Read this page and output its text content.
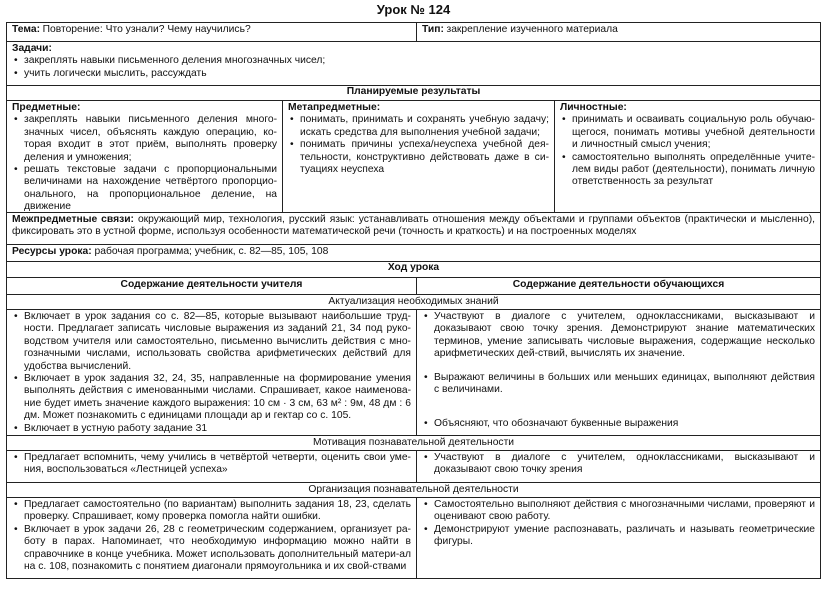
Урок № 124
Тема: Повторение: Что узнали? Чему научились?	Тип: закрепление изученного материала
Задачи:
• закреплять навыки письменного деления многозначных чисел;
• учить логически мыслить, рассуждать
Планируемые результаты
Предметные:
• закреплять навыки письменного деления много-значных чисел, объяснять каждую операцию, ко-торая входит в этот приём, выполнять проверку деления и умножения;
• решать текстовые задачи с пропорциональными величинами на нахождение четвёртого пропорцио-онального, на пропорциональное деление, на движение
Метапредметные:
• понимать, принимать и сохранять учебную задачу; искать средства для выполнения учебной задачи;
• понимать причины успеха/неуспеха учебной дея-тельности, конструктивно действовать даже в си-туациях неуспеха
Личностные:
• принимать и осваивать социальную роль обучаю-щегося, понимать мотивы учебной деятельности и личностный смысл учения;
• самостоятельно выполнять определённые учите-лем виды работ (деятельности), понимать личную ответственность за результат
Межпредметные связи: окружающий мир, технология, русский язык: устанавливать отношения между объектами и группами объектов (практически и мысленно), фиксировать это в устной форме, используя особенности математической речи (точность и краткость) и на построенных моделях
Ресурсы урока: рабочая программа; учебник, с. 82—85, 105, 108
Ход урока
Содержание деятельности учителя	Содержание деятельности обучающихся
Актуализация необходимых знаний
• Включает в урок задания со с. 82—85, которые вызывают наибольшие труд-ности. Предлагает записать числовые выражения из заданий 21, 34 под руко-водством учителя или самостоятельно, письменно вычислить действия с мно-гозначными числами, использовать свойства арифметических действий для удобства вычислений.
• Включает в урок задания 32, 24, 35, направленные на формирование умения выполнять действия с именованными числами. Спрашивает, какое наименова-ние будет иметь значение каждого выражения: 10 см · 3 см, 63 м² : 9м, 48 дм : 6 дм. Может познакомить с единицами площади ар и гектар со с. 105.
• Включает в устную работу задание 31
• Участвуют в диалоге с учителем, одноклассниками, высказывают и доказывают свою точку зрения. Демонстрируют знание математических терминов, умение записывать числовые выражения, содержащие несколько арифметических дей-ствий, вычислять их значение.
• Выражают величины в больших или меньших единицах, выполняют действия с величинами.
• Объясняют, что обозначают буквенные выражения
Мотивация познавательной деятельности
• Предлагает вспомнить, чему учились в четвёртой четверти, оценить свои уме-ния, воспользоваться «Лестницей успеха»
• Участвуют в диалоге с учителем, одноклассниками, высказывают и доказывают свою точку зрения
Организация познавательной деятельности
• Предлагает самостоятельно (по вариантам) выполнить задания 18, 23, сделать проверку. Спрашивает, кому проверка помогла найти ошибки.
• Включает в урок задачи 26, 28 с геометрическим содержанием, организует ра-боту в парах. Напоминает, что необходимую информацию можно найти в справочнике в конце учебника. Может использовать дополнительный матери-ал на с. 108, познакомить с понятием диагонали прямоугольника и их свой-ствами
• Самостоятельно выполняют действия с многозначными числами, проверяют и оценивают свою работу.
• Демонстрируют умение распознавать, различать и называть геометрические фигуры.
